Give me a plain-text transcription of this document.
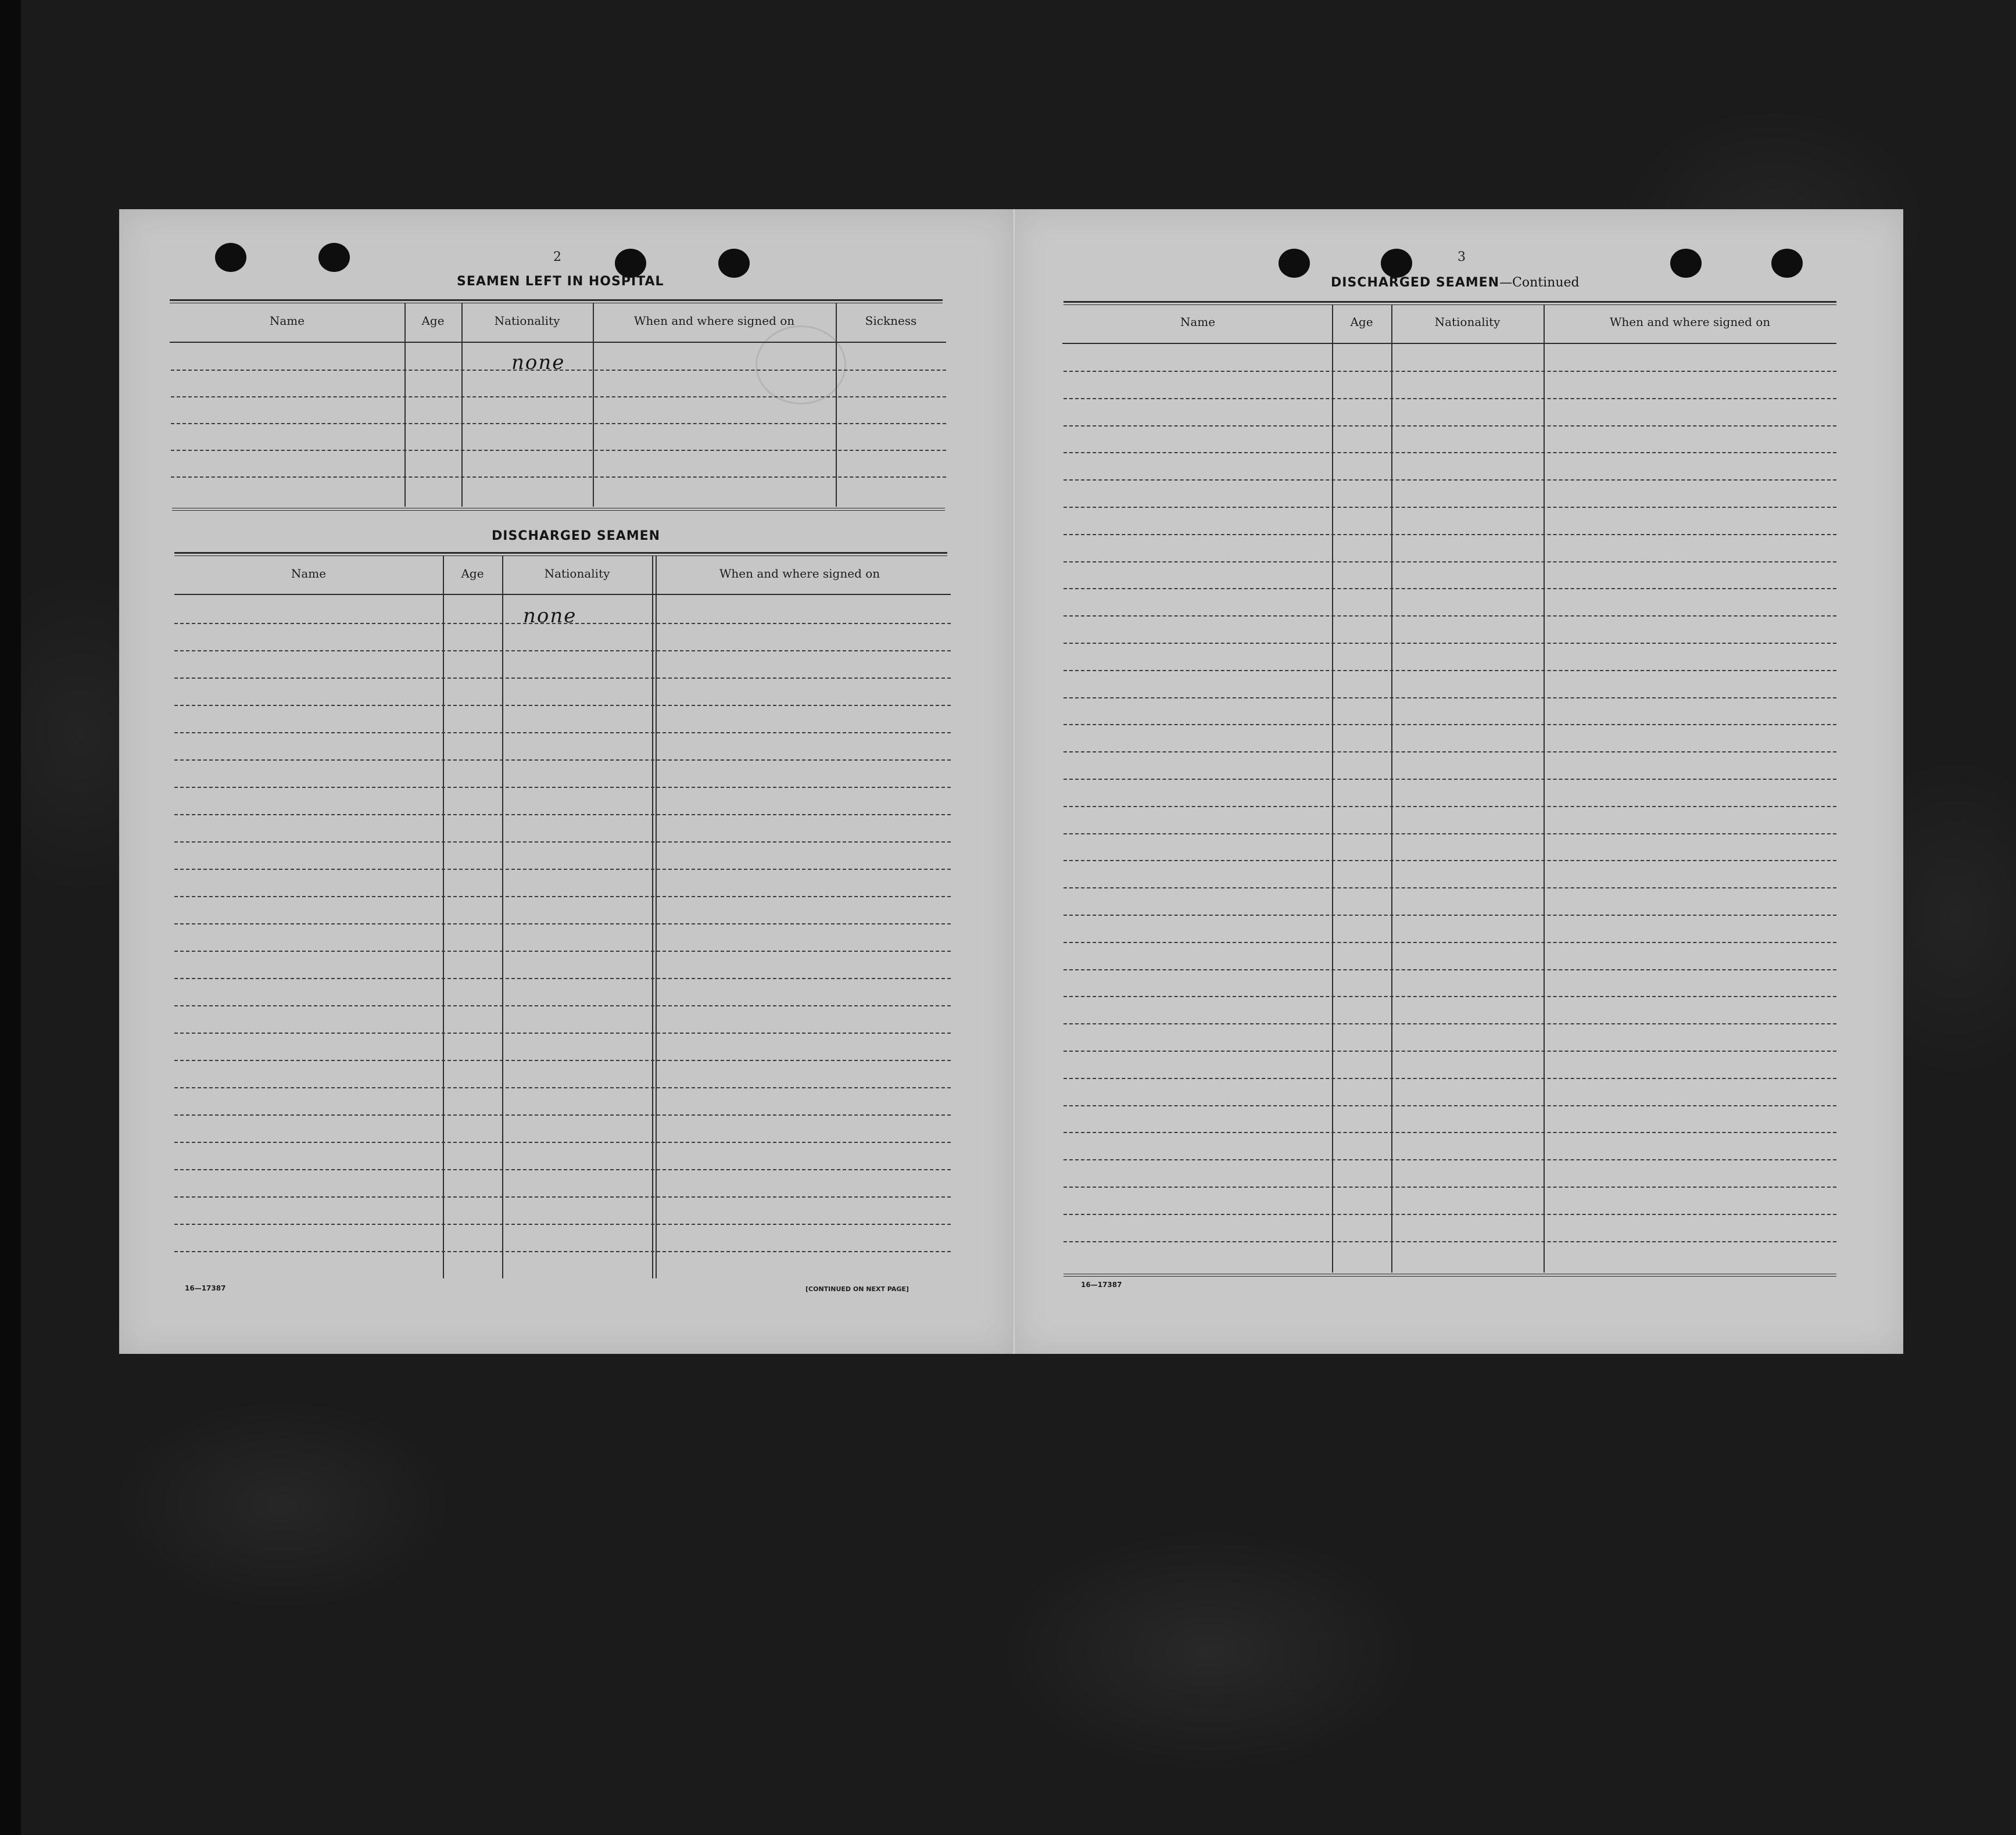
2
SEAMEN LEFT IN HOSPITAL
Name	Age	Nationality	When and where signed on	Sickness
none
DISCHARGED SEAMEN
Name	Age	Nationality	When and where signed on
none
16—17387	[CONTINUED ON NEXT PAGE]
3
DISCHARGED SEAMEN—Continued
Name	Age	Nationality	When and where signed on
16—17387
